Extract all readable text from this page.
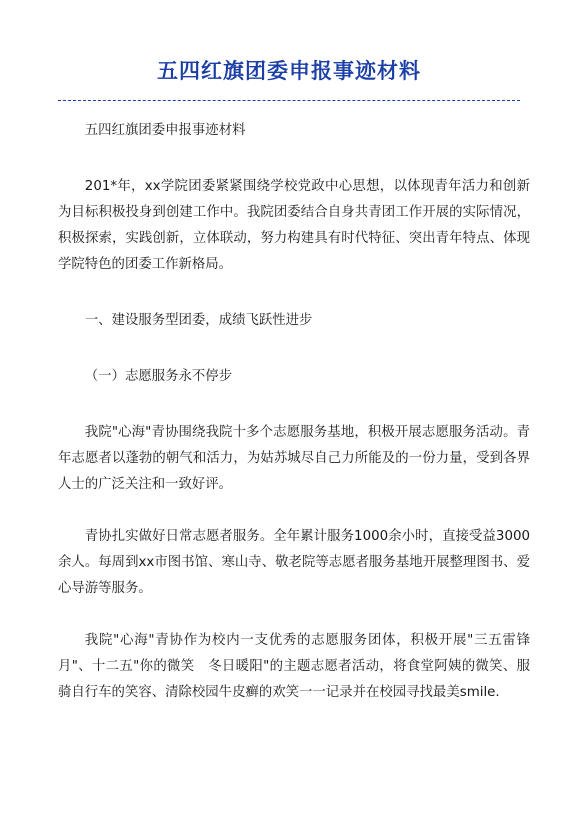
五四红旗团委申报事迹材料

五四红旗团委申报事迹材料

201*年，xx学院团委紧紧围绕学校党政中心思想，以体现青年活力和创新为目标积极投身到创建工作中。我院团委结合自身共青团工作开展的实际情况，积极探索，实践创新，立体联动，努力构建具有时代特征、突出青年特点、体现学院特色的团委工作新格局。

一、建设服务型团委，成绩飞跃性进步

（一）志愿服务永不停步

我院"心海"青协围绕我院十多个志愿服务基地，积极开展志愿服务活动。青年志愿者以蓬勃的朝气和活力，为姑苏城尽自己力所能及的一份力量，受到各界人士的广泛关注和一致好评。

青协扎实做好日常志愿者服务。全年累计服务1000余小时，直接受益3000余人。每周到xx市图书馆、寒山寺、敬老院等志愿者服务基地开展整理图书、爱心导游等服务。

我院"心海"青协作为校内一支优秀的志愿服务团体，积极开展"三五雷锋月"、十二五"你的微笑　冬日暖阳"的主题志愿者活动，将食堂阿姨的微笑、服骑自行车的笑容、清除校园牛皮癣的欢笑一一记录并在校园寻找最美smile.
